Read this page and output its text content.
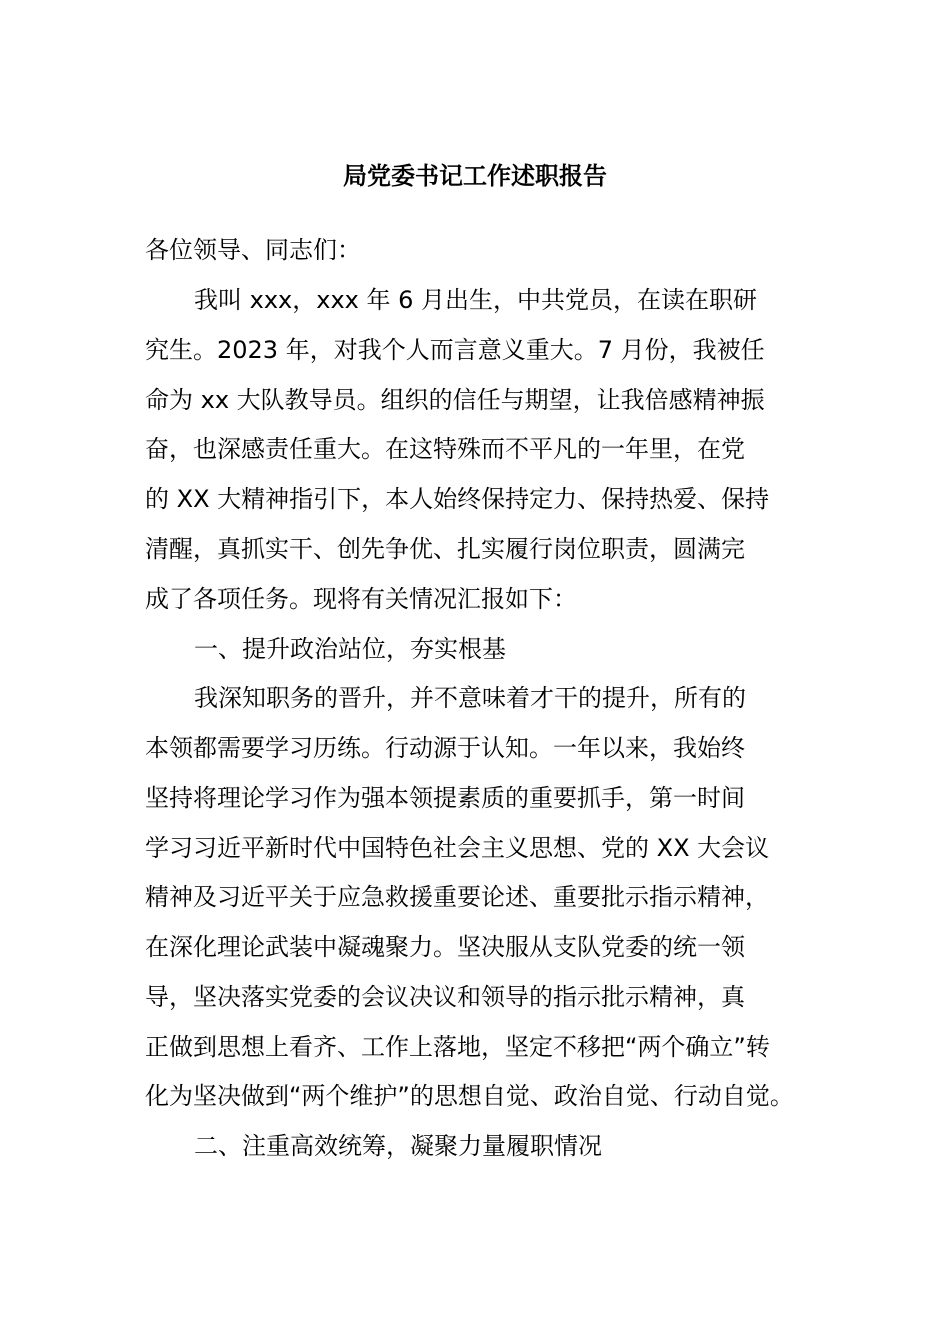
局党委书记工作述职报告
各位领导、同志们：
我叫 xxx，xxx 年 6 月出生，中共党员，在读在职研
究生。2023 年，对我个人而言意义重大。7 月份，我被任
命为 xx 大队教导员。组织的信任与期望，让我倍感精神振
奋，也深感责任重大。在这特殊而不平凡的一年里，在党
的 XX 大精神指引下，本人始终保持定力、保持热爱、保持
清醒，真抓实干、创先争优、扎实履行岗位职责，圆满完
成了各项任务。现将有关情况汇报如下：
一、提升政治站位，夯实根基
我深知职务的晋升，并不意味着才干的提升，所有的
本领都需要学习历练。行动源于认知。一年以来，我始终
坚持将理论学习作为强本领提素质的重要抓手，第一时间
学习习近平新时代中国特色社会主义思想、党的 XX 大会议
精神及习近平关于应急救援重要论述、重要批示指示精神，
在深化理论武装中凝魂聚力。坚决服从支队党委的统一领
导，坚决落实党委的会议决议和领导的指示批示精神，真
正做到思想上看齐、工作上落地，坚定不移把“两个确立”转
化为坚决做到“两个维护”的思想自觉、政治自觉、行动自觉。
二、注重高效统筹，凝聚力量履职情况
